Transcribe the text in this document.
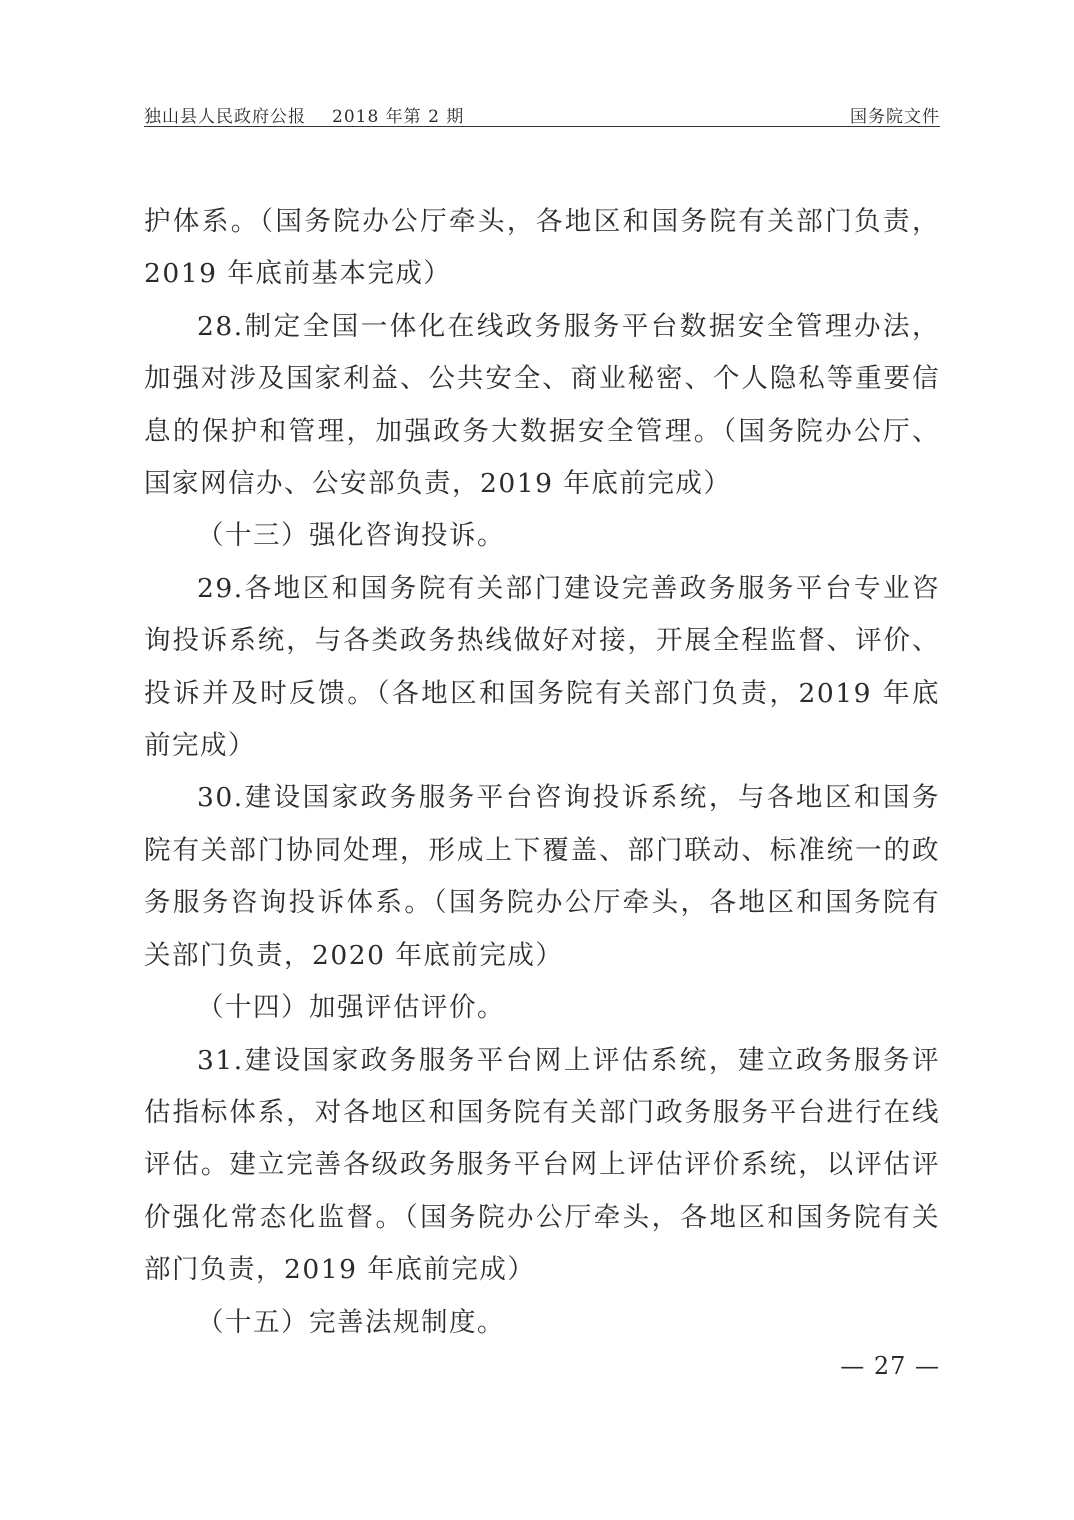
独山县人民政府公报 2018 年第 2 期	国务院文件

护体系。（国务院办公厅牵头，各地区和国务院有关部门负责，2019 年底前基本完成）

28.制定全国一体化在线政务服务平台数据安全管理办法，加强对涉及国家利益、公共安全、商业秘密、个人隐私等重要信息的保护和管理，加强政务大数据安全管理。（国务院办公厅、国家网信办、公安部负责，2019 年底前完成）

（十三）强化咨询投诉。

29.各地区和国务院有关部门建设完善政务服务平台专业咨询投诉系统，与各类政务热线做好对接，开展全程监督、评价、投诉并及时反馈。（各地区和国务院有关部门负责，2019 年底前完成）

30.建设国家政务服务平台咨询投诉系统，与各地区和国务院有关部门协同处理，形成上下覆盖、部门联动、标准统一的政务服务咨询投诉体系。（国务院办公厅牵头，各地区和国务院有关部门负责，2020 年底前完成）

（十四）加强评估评价。

31.建设国家政务服务平台网上评估系统，建立政务服务评估指标体系，对各地区和国务院有关部门政务服务平台进行在线评估。建立完善各级政务服务平台网上评估评价系统，以评估评价强化常态化监督。（国务院办公厅牵头，各地区和国务院有关部门负责，2019 年底前完成）

（十五）完善法规制度。

— 27 —
